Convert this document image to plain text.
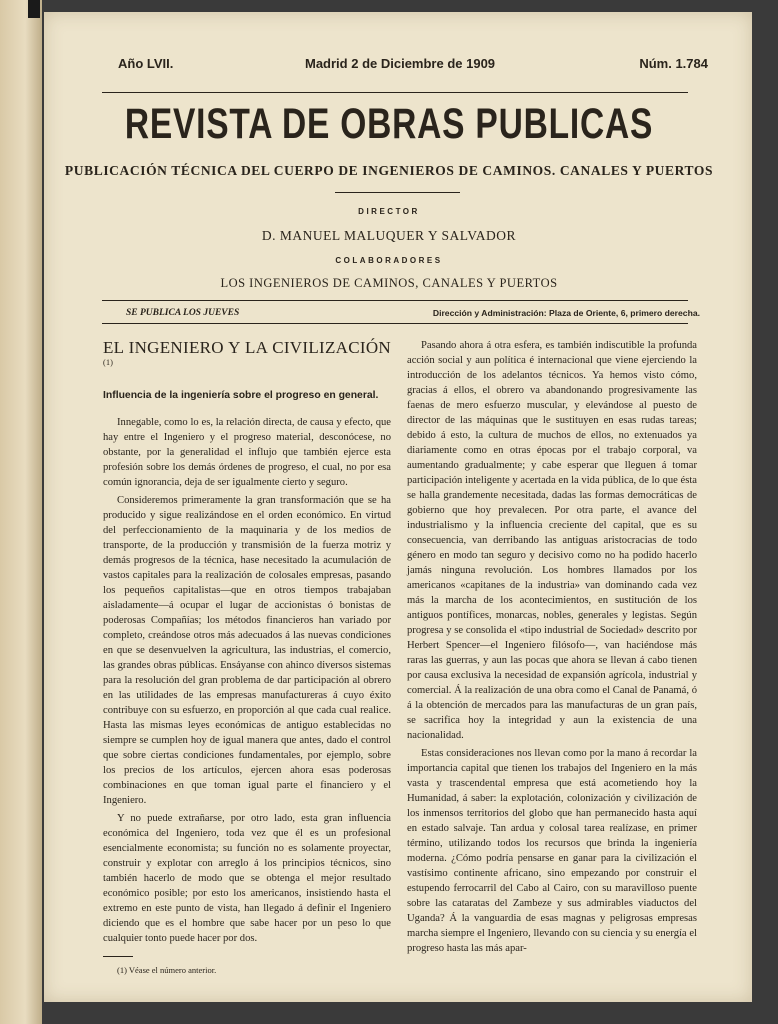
Año LVII.	Madrid 2 de Diciembre de 1909	Núm. 1.784
REVISTA DE OBRAS PUBLICAS
PUBLICACIÓN TÉCNICA DEL CUERPO DE INGENIEROS DE CAMINOS. CANALES Y PUERTOS
DIRECTOR
D. MANUEL MALUQUER Y SALVADOR
COLABORADORES
LOS INGENIEROS DE CAMINOS, CANALES Y PUERTOS
SE PUBLICA LOS JUEVES	Dirección y Administración: Plaza de Oriente, 6, primero derecha.
EL INGENIERO Y LA CIVILIZACIÓN $^{(1)}$
Influencia de la ingeniería sobre el progreso en general.

Innegable, como lo es, la relación directa, de causa y efecto, que hay entre el Ingeniero y el progreso material, desconócese, no obstante, por la generalidad el influjo que también ejerce esta profesión sobre los demás órdenes de progreso, el cual, no por esa común ignorancia, deja de ser igualmente cierto y seguro.

Consideremos primeramente la gran transformación que se ha producido y sigue realizándose en el orden económico. En virtud del perfeccionamiento de la maquinaria y de los medios de transporte, de la producción y transmisión de la fuerza motriz y demás progresos de la técnica, hase necesitado la acumulación de vastos capitales para la realización de colosales empresas, pasando los pequeños capitalistas—que en otros tiempos trabajaban aisladamente—á ocupar el lugar de accionistas ó bonistas de poderosas Compañías; los métodos financieros han variado por completo, creándose otros más adecuados á las nuevas condiciones en que se desenvuelven la agricultura, las industrias, el comercio, las grandes obras públicas. Ensáyanse con ahinco diversos sistemas para la resolución del gran problema de dar participación al obrero en las utilidades de las empresas manufactureras á cuyo éxito contribuye con su esfuerzo, en proporción al que cada cual realice. Hasta las mismas leyes económicas de antiguo establecidas no siempre se cumplen hoy de igual manera que antes, dado el control que sobre ciertas condiciones fundamentales, por ejemplo, sobre los precios de los artículos, ejercen ahora esas poderosas combinaciones en que toman igual parte el financiero y el Ingeniero.

Y no puede extrañarse, por otro lado, esta gran influencia económica del Ingeniero, toda vez que él es un profesional esencialmente economista; su función no es solamente proyectar, construir y explotar con arreglo á los principios técnicos, sino también hacerlo de modo que se obtenga el mejor resultado económico posible; por esto los americanos, insistiendo hasta el extremo en este punto de vista, han llegado á definir el Ingeniero diciendo que es el hombre que sabe hacer por un peso lo que cualquier tonto puede hacer por dos.

(1) Véase el número anterior.

Pasando ahora á otra esfera, es también indiscutible la profunda acción social y aun política é internacional que viene ejerciendo la introducción de los adelantos técnicos. Ya hemos visto cómo, gracias á ellos, el obrero va abandonando progresivamente las faenas de mero esfuerzo muscular, y elevándose al puesto de director de las máquinas que le sustituyen en esas rudas tareas; debido á esto, la cultura de muchos de ellos, no extenuados ya diariamente como en otras épocas por el trabajo corporal, va aumentando gradualmente; y cabe esperar que lleguen á tomar participación inteligente y acertada en la vida pública, de lo que ésta se halla grandemente necesitada, dadas las formas democráticas de gobierno que hoy prevalecen. Por otra parte, el avance del industrialismo y la influencia creciente del capital, que es su consecuencia, van derribando las antiguas aristocracias de todo género en modo tan seguro y decisivo como no ha podido hacerlo jamás ninguna revolución. Los hombres llamados por los americanos «capitanes de la industria» van dominando cada vez más la marcha de los acontecimientos, en sustitución de los antiguos pontífices, monarcas, nobles, generales y legistas. Según progresa y se consolida el «tipo industrial de Sociedad» descrito por Herbert Spencer—el Ingeniero filósofo—, van haciéndose más raras las guerras, y aun las pocas que ahora se llevan á cabo tienen por causa exclusiva la necesidad de expansión agrícola, industrial y comercial. Á la realización de una obra como el Canal de Panamá, ó á la obtención de mercados para las manufacturas de un gran país, se sacrifica hoy la integridad y aun la existencia de una nacionalidad.

Estas consideraciones nos llevan como por la mano á recordar la importancia capital que tienen los trabajos del Ingeniero en la más vasta y trascendental empresa que está acometiendo hoy la Humanidad, á saber: la explotación, colonización y civilización de los inmensos territorios del globo que han permanecido hasta aquí en estado salvaje. Tan ardua y colosal tarea realízase, en primer término, utilizando todos los recursos que brinda la ingeniería moderna. ¿Cómo podría pensarse en ganar para la civilización el vastísimo continente africano, sino empezando por construir el estupendo ferrocarril del Cabo al Cairo, con su maravilloso puente sobre las cataratas del Zambeze y sus admirables viaductos del Uganda? Á la vanguardia de esas magnas y peligrosas empresas marcha siempre el Ingeniero, llevando con su ciencia y su energía el progreso hasta las más apar-
